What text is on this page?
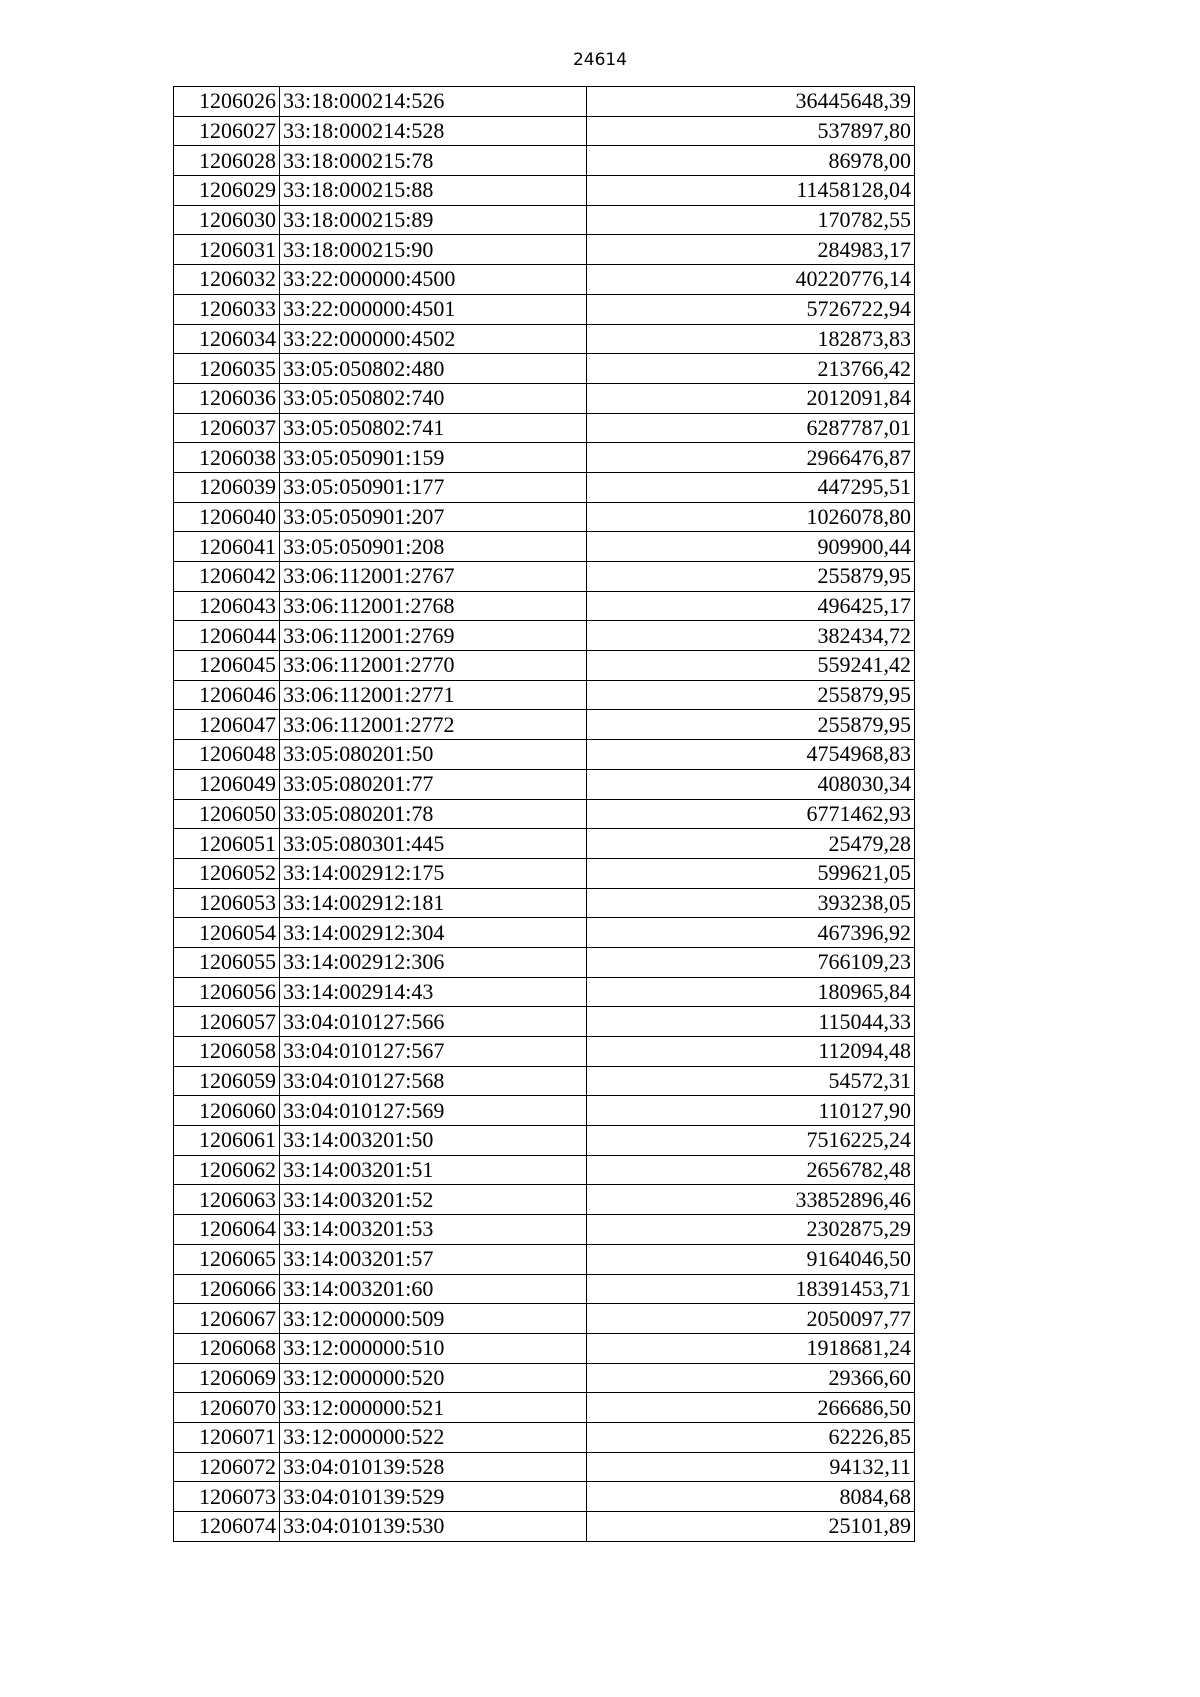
24614
1206026	33:18:000214:526	36445648,39
1206027	33:18:000214:528	537897,80
1206028	33:18:000215:78	86978,00
1206029	33:18:000215:88	11458128,04
1206030	33:18:000215:89	170782,55
1206031	33:18:000215:90	284983,17
1206032	33:22:000000:4500	40220776,14
1206033	33:22:000000:4501	5726722,94
1206034	33:22:000000:4502	182873,83
1206035	33:05:050802:480	213766,42
1206036	33:05:050802:740	2012091,84
1206037	33:05:050802:741	6287787,01
1206038	33:05:050901:159	2966476,87
1206039	33:05:050901:177	447295,51
1206040	33:05:050901:207	1026078,80
1206041	33:05:050901:208	909900,44
1206042	33:06:112001:2767	255879,95
1206043	33:06:112001:2768	496425,17
1206044	33:06:112001:2769	382434,72
1206045	33:06:112001:2770	559241,42
1206046	33:06:112001:2771	255879,95
1206047	33:06:112001:2772	255879,95
1206048	33:05:080201:50	4754968,83
1206049	33:05:080201:77	408030,34
1206050	33:05:080201:78	6771462,93
1206051	33:05:080301:445	25479,28
1206052	33:14:002912:175	599621,05
1206053	33:14:002912:181	393238,05
1206054	33:14:002912:304	467396,92
1206055	33:14:002912:306	766109,23
1206056	33:14:002914:43	180965,84
1206057	33:04:010127:566	115044,33
1206058	33:04:010127:567	112094,48
1206059	33:04:010127:568	54572,31
1206060	33:04:010127:569	110127,90
1206061	33:14:003201:50	7516225,24
1206062	33:14:003201:51	2656782,48
1206063	33:14:003201:52	33852896,46
1206064	33:14:003201:53	2302875,29
1206065	33:14:003201:57	9164046,50
1206066	33:14:003201:60	18391453,71
1206067	33:12:000000:509	2050097,77
1206068	33:12:000000:510	1918681,24
1206069	33:12:000000:520	29366,60
1206070	33:12:000000:521	266686,50
1206071	33:12:000000:522	62226,85
1206072	33:04:010139:528	94132,11
1206073	33:04:010139:529	8084,68
1206074	33:04:010139:530	25101,89
